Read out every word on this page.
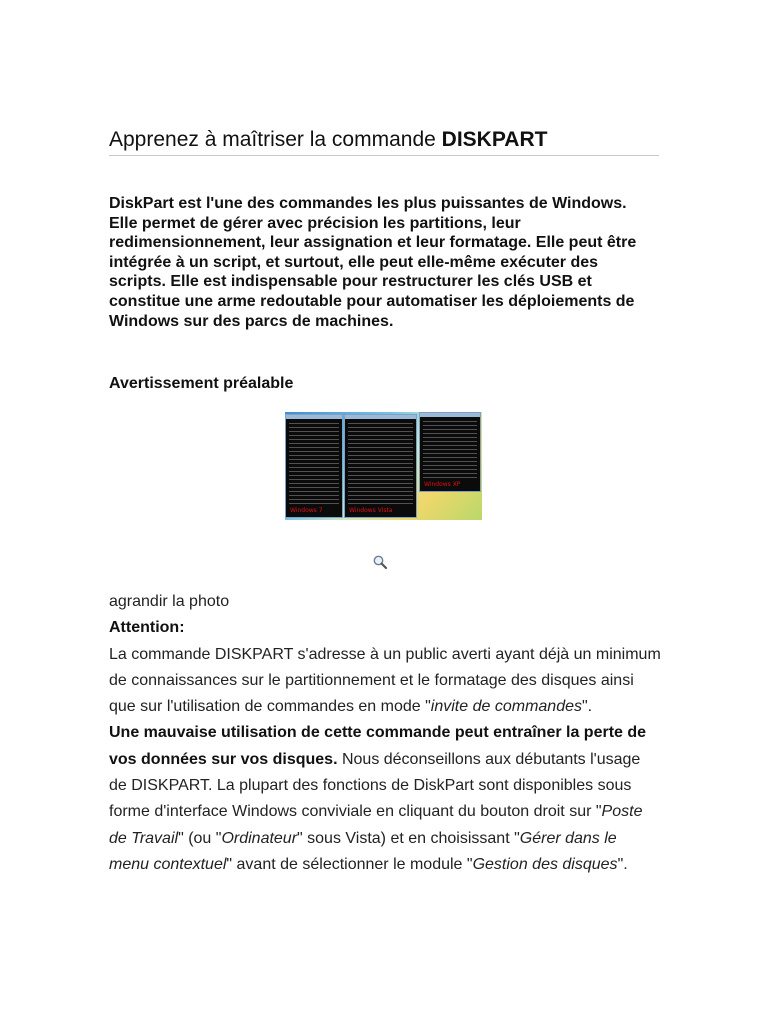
Apprenez à maîtriser la commande DISKPART

DiskPart est l'une des commandes les plus puissantes de Windows. Elle permet de gérer avec précision les partitions, leur redimensionnement, leur assignation et leur formatage. Elle peut être intégrée à un script, et surtout, elle peut elle-même exécuter des scripts. Elle est indispensable pour restructurer les clés USB et constitue une arme redoutable pour automatiser les déploiements de Windows sur des parcs de machines.

Avertissement préalable

Windows 7	Windows Vista
Windows XP
agrandir la photo
Attention:
La commande DISKPART s'adresse à un public averti ayant déjà un minimum de connaissances sur le partitionnement et le formatage des disques ainsi que sur l'utilisation de commandes en mode "invite de commandes".
Une mauvaise utilisation de cette commande peut entraîner la perte de vos données sur vos disques. Nous déconseillons aux débutants l'usage de DISKPART. La plupart des fonctions de DiskPart sont disponibles sous forme d'interface Windows conviviale en cliquant du bouton droit sur "Poste de Travail" (ou "Ordinateur" sous Vista) et en choisissant "Gérer dans le menu contextuel" avant de sélectionner le module "Gestion des disques".
